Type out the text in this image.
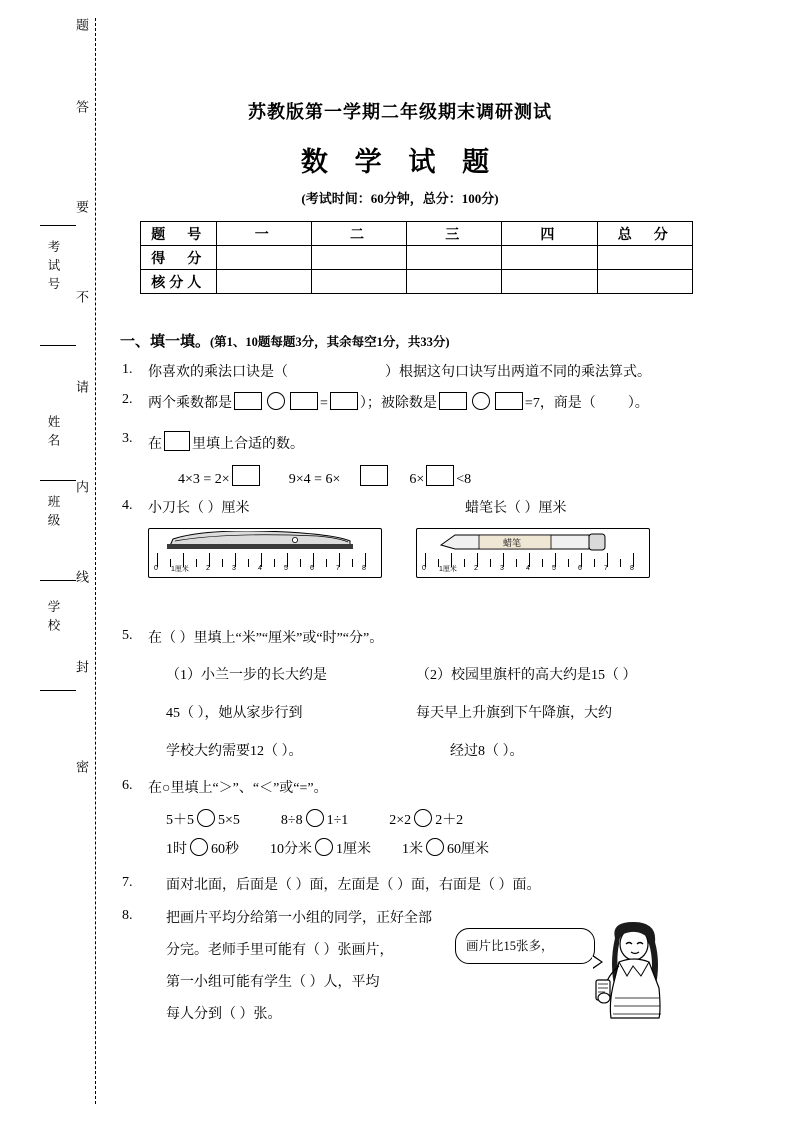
题
答
要
不
请
内
线
封
密
考试号
姓名
班级
学校
苏教版第一学期二年级期末调研测试
数 学 试 题
(考试时间：60分钟，总分：100分)
题　号	一	二	三	四	总　分
得　分					
核分人					
一、填一填。(第1、10题每题3分，其余每空1分，共33分)
1. 你喜欢的乘法口诀是（	）根据这句口诀写出两道不同的乘法算式。
2. 两个乘数都是	= ）；被除数是	=7，商是（ ）。
3. 在 里填上合适的数。
4×3 = 2×	9×4 = 6×	6× <8
4. 小刀长（ ）厘米	蜡笔长（ ）厘米
0 1厘米 2	3	4	5	6	7	8
蜡笔
0 1厘米 2	3	4	5	6	7	8
5. 在（ ）里填上“米”“厘米”或“时”“分”。
（1）小兰一步的长大约是	（2）校园里旗杆的高大约是15（ ）
45（ ），她从家步行到	每天早上升旗到下午降旗，大约
学校大约需要12（ ）。	经过8（ ）。
6. 在○里填上“＞”、“＜”或“=”。
5＋5 5×5	8÷8 1÷1	2×2 2＋2
1时 60秒 10分米 1厘米 1米 60厘米
7. 面对北面，后面是（ ）面，左面是（ ）面，右面是（ ）面。
8. 把画片平均分给第一小组的同学，正好全部
分完。老师手里可能有（ ）张画片，
第一小组可能有学生（ ）人，平均
每人分到（ ）张。
画片比15张多，
